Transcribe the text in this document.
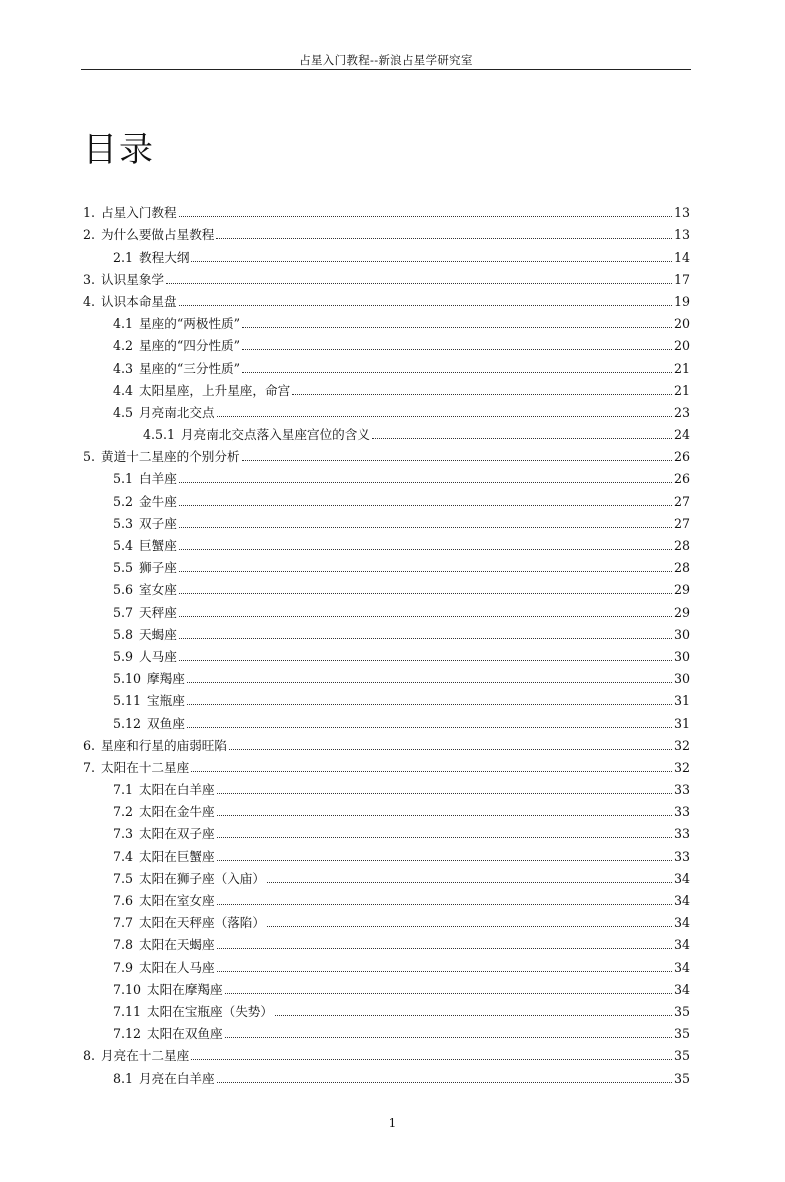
占星入门教程--新浪占星学研究室
目录
1. 占星入门教程	13
2. 为什么要做占星教程	13
2.1 教程大纲	14
3. 认识星象学	17
4. 认识本命星盘	19
4.1 星座的“两极性质”	20
4.2 星座的“四分性质”	20
4.3 星座的“三分性质”	21
4.4 太阳星座，上升星座，命宫	21
4.5 月亮南北交点	23
4.5.1 月亮南北交点落入星座宫位的含义	24
5. 黄道十二星座的个别分析	26
5.1 白羊座	26
5.2 金牛座	27
5.3 双子座	27
5.4 巨蟹座	28
5.5 狮子座	28
5.6 室女座	29
5.7 天秤座	29
5.8 天蝎座	30
5.9 人马座	30
5.10 摩羯座	30
5.11 宝瓶座	31
5.12 双鱼座	31
6. 星座和行星的庙弱旺陷	32
7. 太阳在十二星座	32
7.1 太阳在白羊座	33
7.2 太阳在金牛座	33
7.3 太阳在双子座	33
7.4 太阳在巨蟹座	33
7.5 太阳在狮子座（入庙）	34
7.6 太阳在室女座	34
7.7 太阳在天秤座（落陷）	34
7.8 太阳在天蝎座	34
7.9 太阳在人马座	34
7.10 太阳在摩羯座	34
7.11 太阳在宝瓶座（失势）	35
7.12 太阳在双鱼座	35
8. 月亮在十二星座	35
8.1 月亮在白羊座	35
1
